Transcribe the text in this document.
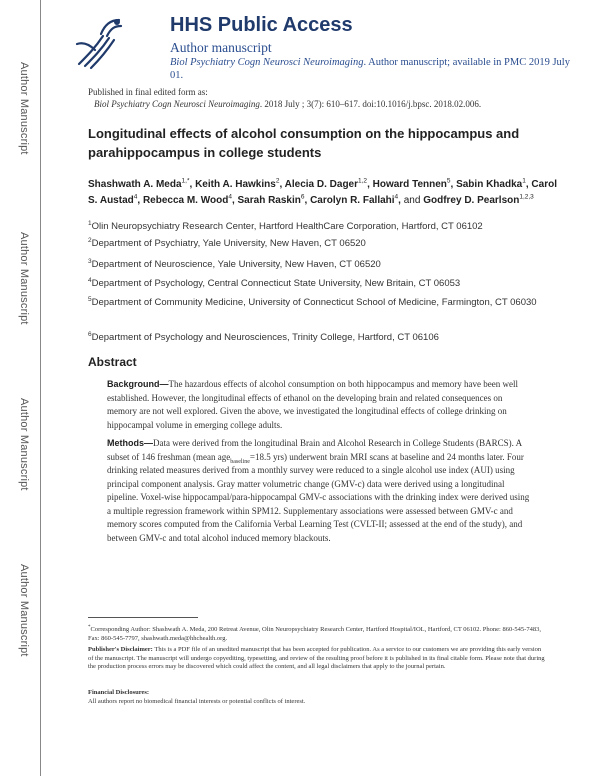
Author Manuscript
Author Manuscript
Author Manuscript
Author Manuscript
HHS Public Access
Author manuscript
Biol Psychiatry Cogn Neurosci Neuroimaging. Author manuscript; available in PMC 2019 July 01.
Published in final edited form as:
Biol Psychiatry Cogn Neurosci Neuroimaging. 2018 July ; 3(7): 610–617. doi:10.1016/j.bpsc. 2018.02.006.
Longitudinal effects of alcohol consumption on the hippocampus and parahippocampus in college students
Shashwath A. Meda$^{1,*}$, Keith A. Hawkins$^2$, Alecia D. Dager$^{1,2}$, Howard Tennen$^5$, Sabin Khadka$^1$, Carol S. Austad$^4$, Rebecca M. Wood$^4$, Sarah Raskin$^6$, Carolyn R. Fallahi$^4$, and Godfrey D. Pearlson$^{1,2,3}$
$^1$Olin Neuropsychiatry Research Center, Hartford HealthCare Corporation, Hartford, CT 06102
$^2$Department of Psychiatry, Yale University, New Haven, CT 06520
$^3$Department of Neuroscience, Yale University, New Haven, CT 06520
$^4$Department of Psychology, Central Connecticut State University, New Britain, CT 06053
$^5$Department of Community Medicine, University of Connecticut School of Medicine, Farmington, CT 06030
$^6$Department of Psychology and Neurosciences, Trinity College, Hartford, CT 06106
Abstract
Background—The hazardous effects of alcohol consumption on both hippocampus and memory have been well established. However, the longitudinal effects of ethanol on the developing brain and related consequences on memory are not well explored. Given the above, we investigated the longitudinal effects of college drinking on hippocampal volume in emerging college adults.
Methods—Data were derived from the longitudinal Brain and Alcohol Research in College Students (BARCS). A subset of 146 freshman (mean age$_{baseline}$=18.5 yrs) underwent brain MRI scans at baseline and 24 months later. Four drinking related measures derived from a monthly survey were reduced to a single alcohol use index (AUI) using principal component analysis. Gray matter volumetric change (GMV-c) data were derived using a longitudinal pipeline. Voxel-wise hippocampal/para-hippocampal GMV-c associations with the drinking index were derived using a multiple regression framework within SPM12. Supplementary associations were assessed between GMV-c and memory scores computed from the California Verbal Learning Test (CVLT-II; assessed at the end of the study), and between GMV-c and total alcohol induced memory blackouts.
*Corresponding Author: Shashwath A. Meda, 200 Retreat Avenue, Olin Neuropsychiatry Research Center, Hartford Hospital/IOL, Hartford, CT 06102. Phone: 860-545-7483, Fax: 860-545-7797, shashwath.meda@hhchealth.org.
Publisher's Disclaimer: This is a PDF file of an unedited manuscript that has been accepted for publication. As a service to our customers we are providing this early version of the manuscript. The manuscript will undergo copyediting, typesetting, and review of the resulting proof before it is published in its final citable form. Please note that during the production process errors may be discovered which could affect the content, and all legal disclaimers that apply to the journal pertain.
Financial Disclosures:
All authors report no biomedical financial interests or potential conflicts of interest.
